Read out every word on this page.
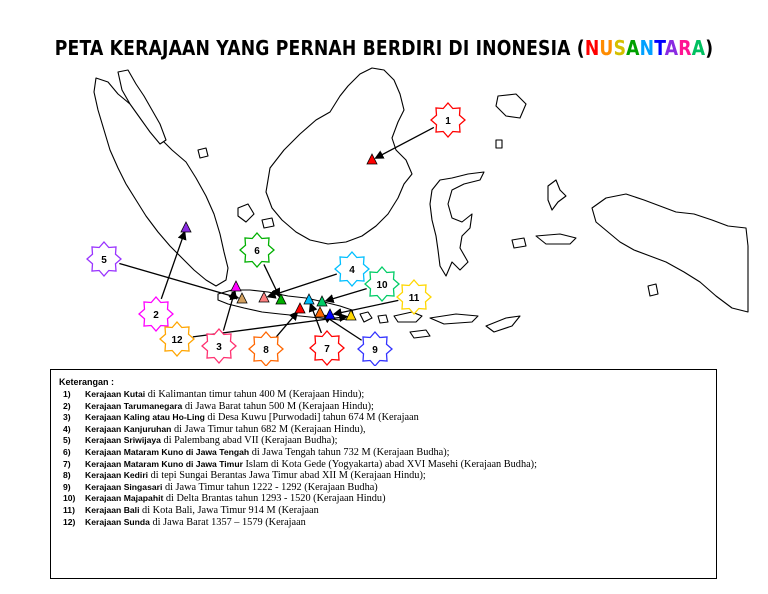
PETA KERAJAAN YANG PERNAH BERDIRI DI INONESIA (NUSANTARA)
1
2
3
4
5
6
7
8	9
10
11
12
Keterangan :
1) Kerajaan Kutai di Kalimantan timur tahun 400 M (Kerajaan Hindu);
2) Kerajaan Tarumanegara di Jawa Barat tahun 500 M (Kerajaan Hindu);
3) Kerajaan Kaling atau Ho-Ling di Desa Kuwu [Purwodadi] tahun 674 M (Kerajaan
4) Kerajaan Kanjuruhan di Jawa Timur tahun 682 M (Kerajaan Hindu),
5) Kerajaan Sriwijaya di Palembang abad VII (Kerajaan Budha);
6) Kerajaan Mataram Kuno di Jawa Tengah di Jawa Tengah tahun 732 M (Kerajaan Budha);
7) Kerajaan Mataram Kuno di Jawa Timur Islam di Kota Gede (Yogyakarta) abad XVI Masehi (Kerajaan Budha);
8) Kerajaan Kediri di tepi Sungai Berantas Jawa Timur abad XII M (Kerajaan Hindu);
9) Kerajaan Singasari di Jawa Timur tahun 1222 - 1292 (Kerajaan Budha)
10) Kerajaan Majapahit di Delta Brantas tahun 1293 - 1520 (Kerajaan Hindu)
11) Kerajaan Bali di Kota Bali, Jawa Timur 914 M (Kerajaan
12) Kerajaan Sunda di Jawa Barat 1357 – 1579 (Kerajaan
